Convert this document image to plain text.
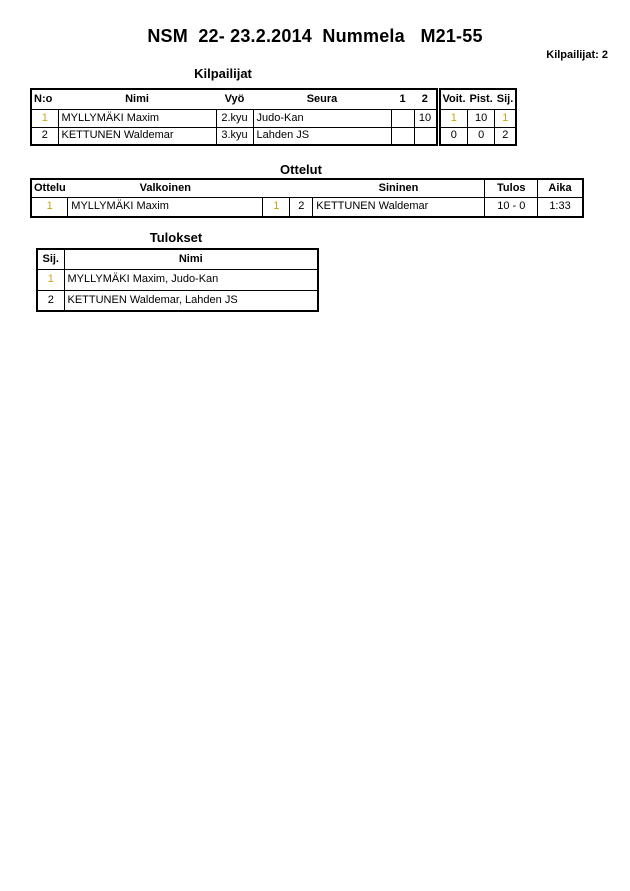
NSM  22- 23.2.2014  Nummela   M21-55
Kilpailijat: 2
Kilpailijat
N:o	Nimi	Vyö	Seura	1	2	Voit.	Pist.	Sij.
1	MYLLYMÄKI Maxim	2.kyu	Judo-Kan		10	1	10	1
2	KETTUNEN Waldemar	3.kyu	Lahden JS			0	0	2
Ottelut
Ottelu	Valkoinen			Sininen	Tulos	Aika
1	MYLLYMÄKI Maxim	1	2	KETTUNEN Waldemar	10 - 0	1:33
Tulokset
Sij.	Nimi
1	MYLLYMÄKI Maxim, Judo-Kan
2	KETTUNEN Waldemar, Lahden JS
